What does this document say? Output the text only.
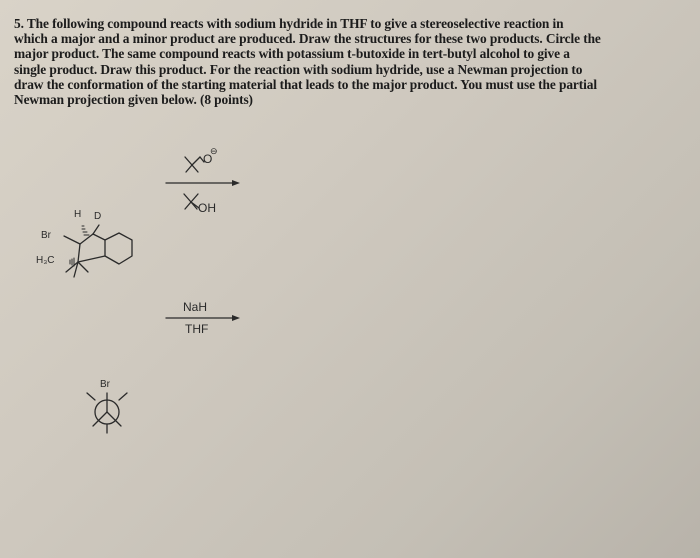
5. The following compound reacts with sodium hydride in THF to give a stereoselective reaction in
which a major and a minor product are produced. Draw the structures for these two products. Circle the
major product. The same compound reacts with potassium t-butoxide in tert-butyl alcohol to give a
single product. Draw this product. For the reaction with sodium hydride, use a Newman projection to
draw the conformation of the starting material that leads to the major product. You must use the partial
Newman projection given below. (8 points)
H D
Br
H₃C
O
⊖
OH
NaH
THF
Br
